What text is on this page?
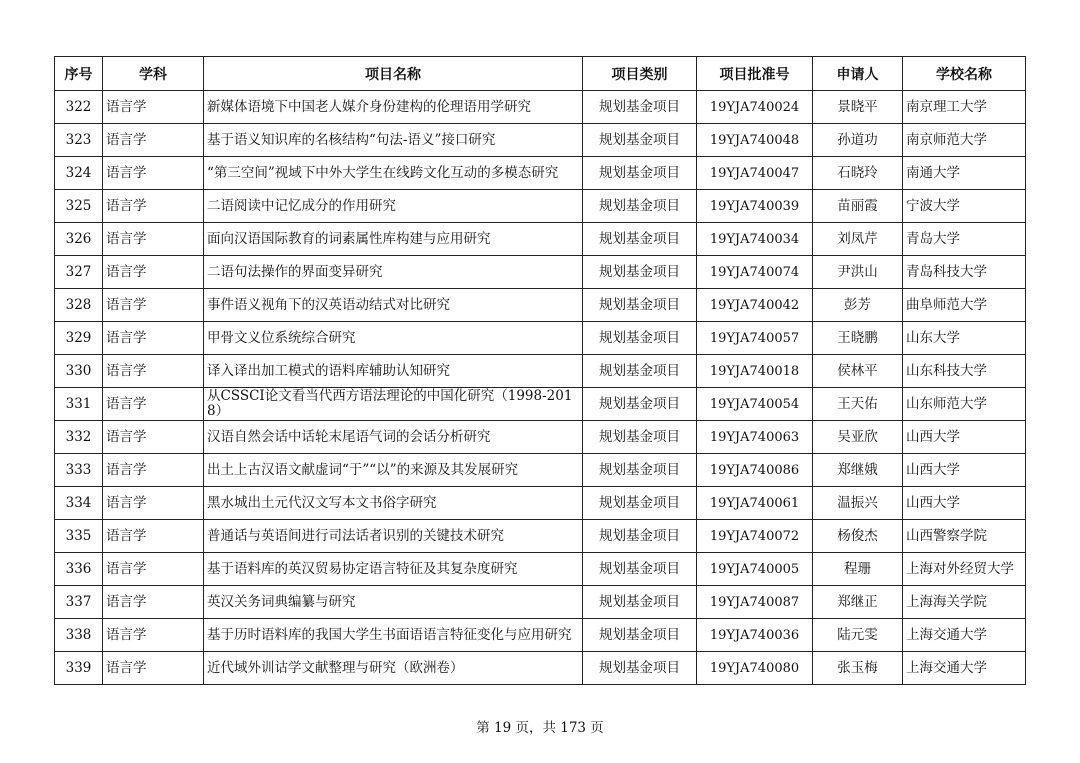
序号	学科	项目名称	项目类别	项目批准号	申请人	学校名称
322	语言学	新媒体语境下中国老人媒介身份建构的伦理语用学研究	规划基金项目	19YJA740024	景晓平	南京理工大学
323	语言学	基于语义知识库的名核结构“句法-语义”接口研究	规划基金项目	19YJA740048	孙道功	南京师范大学
324	语言学	“第三空间”视域下中外大学生在线跨文化互动的多模态研究	规划基金项目	19YJA740047	石晓玲	南通大学
325	语言学	二语阅读中记忆成分的作用研究	规划基金项目	19YJA740039	苗丽霞	宁波大学
326	语言学	面向汉语国际教育的词素属性库构建与应用研究	规划基金项目	19YJA740034	刘凤芹	青岛大学
327	语言学	二语句法操作的界面变异研究	规划基金项目	19YJA740074	尹洪山	青岛科技大学
328	语言学	事件语义视角下的汉英语动结式对比研究	规划基金项目	19YJA740042	彭芳	曲阜师范大学
329	语言学	甲骨文义位系统综合研究	规划基金项目	19YJA740057	王晓鹏	山东大学
330	语言学	译入译出加工模式的语料库辅助认知研究	规划基金项目	19YJA740018	侯林平	山东科技大学
331	语言学	从CSSCI论文看当代西方语法理论的中国化研究（1998-2018）	规划基金项目	19YJA740054	王天佑	山东师范大学
332	语言学	汉语自然会话中话轮末尾语气词的会话分析研究	规划基金项目	19YJA740063	吴亚欣	山西大学
333	语言学	出土上古汉语文献虚词“于”“以”的来源及其发展研究	规划基金项目	19YJA740086	郑继娥	山西大学
334	语言学	黑水城出土元代汉文写本文书俗字研究	规划基金项目	19YJA740061	温振兴	山西大学
335	语言学	普通话与英语间进行司法话者识别的关键技术研究	规划基金项目	19YJA740072	杨俊杰	山西警察学院
336	语言学	基于语料库的英汉贸易协定语言特征及其复杂度研究	规划基金项目	19YJA740005	程珊	上海对外经贸大学
337	语言学	英汉关务词典编纂与研究	规划基金项目	19YJA740087	郑继正	上海海关学院
338	语言学	基于历时语料库的我国大学生书面语语言特征变化与应用研究	规划基金项目	19YJA740036	陆元雯	上海交通大学
339	语言学	近代域外训诂学文献整理与研究（欧洲卷）	规划基金项目	19YJA740080	张玉梅	上海交通大学
第 19 页，共 173 页
